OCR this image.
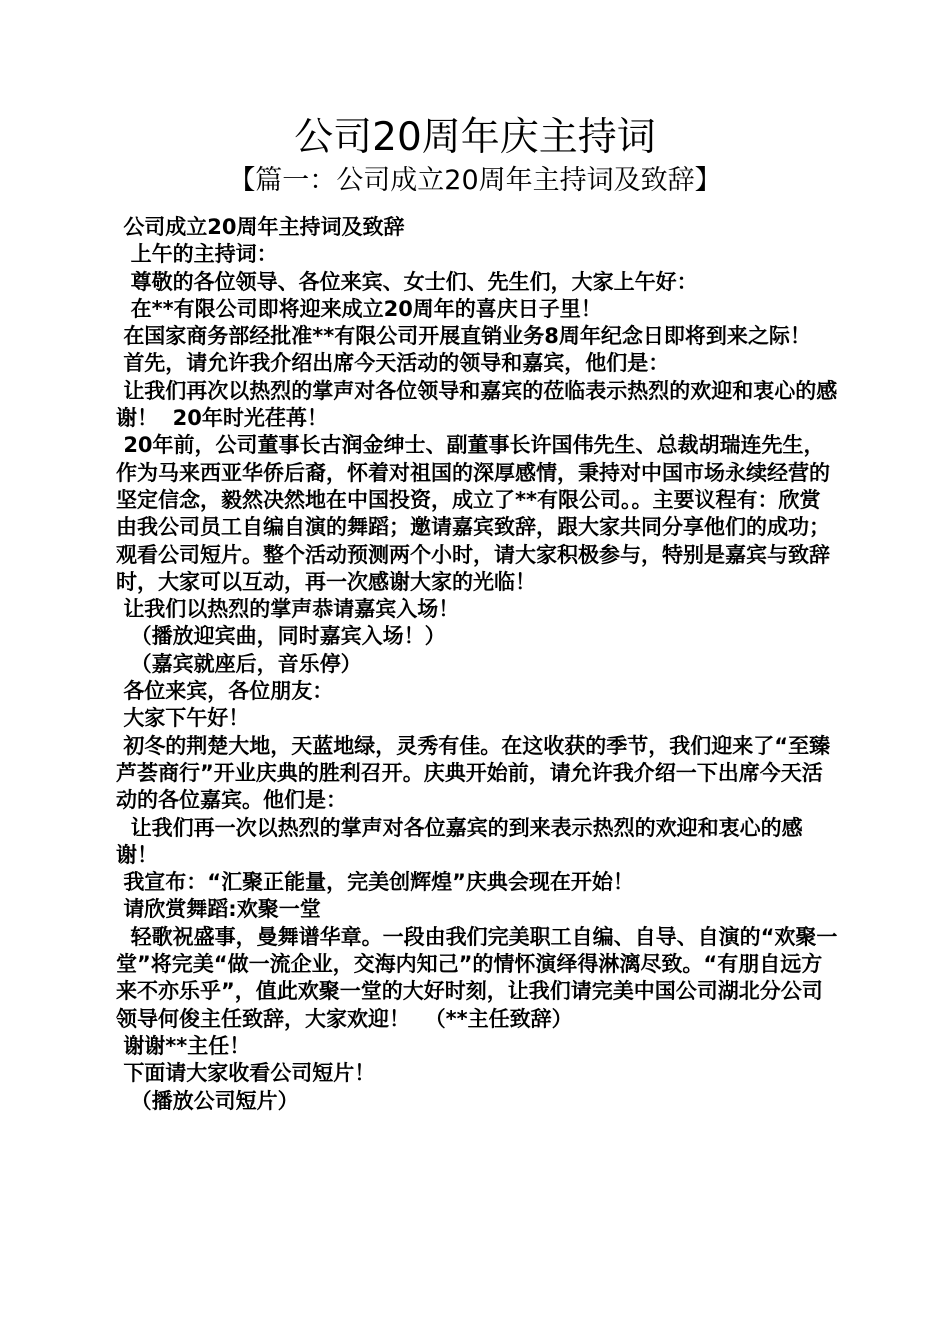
公司20周年庆主持词
【篇一：公司成立20周年主持词及致辞】

公司成立20周年主持词及致辞

上午的主持词：

尊敬的各位领导、各位来宾、女士们、先生们，大家上午好：

在**有限公司即将迎来成立20周年的喜庆日子里！

在国家商务部经批准**有限公司开展直销业务8周年纪念日即将到来之际！

首先，请允许我介绍出席今天活动的领导和嘉宾，他们是：

让我们再次以热烈的掌声对各位领导和嘉宾的莅临表示热烈的欢迎和衷心的感谢！  20年时光荏苒！

20年前，公司董事长古润金绅士、副董事长许国伟先生、总裁胡瑞连先生，作为马来西亚华侨后裔，怀着对祖国的深厚感情，秉持对中国市场永续经营的坚定信念，毅然决然地在中国投资，成立了**有限公司。。主要议程有：欣赏由我公司员工自编自演的舞蹈；邀请嘉宾致辞，跟大家共同分享他们的成功；观看公司短片。整个活动预测两个小时，请大家积极参与，特别是嘉宾与致辞时，大家可以互动，再一次感谢大家的光临！

让我们以热烈的掌声恭请嘉宾入场！

（播放迎宾曲，同时嘉宾入场！）

（嘉宾就座后，音乐停）

各位来宾，各位朋友：

大家下午好！

初冬的荆楚大地，天蓝地绿，灵秀有佳。在这收获的季节，我们迎来了“至臻芦荟商行”开业庆典的胜利召开。庆典开始前，请允许我介绍一下出席今天活动的各位嘉宾。他们是：

让我们再一次以热烈的掌声对各位嘉宾的到来表示热烈的欢迎和衷心的感谢！

我宣布：“汇聚正能量，完美创辉煌”庆典会现在开始！

请欣赏舞蹈:欢聚一堂

轻歌祝盛事，曼舞谱华章。一段由我们完美职工自编、自导、自演的“欢聚一堂”将完美“做一流企业，交海内知己”的情怀演绎得淋漓尽致。“有朋自远方来不亦乐乎”，值此欢聚一堂的大好时刻，让我们请完美中国公司湖北分公司领导何俊主任致辞，大家欢迎！  （**主任致辞）

谢谢**主任！

下面请大家收看公司短片！

（播放公司短片）
